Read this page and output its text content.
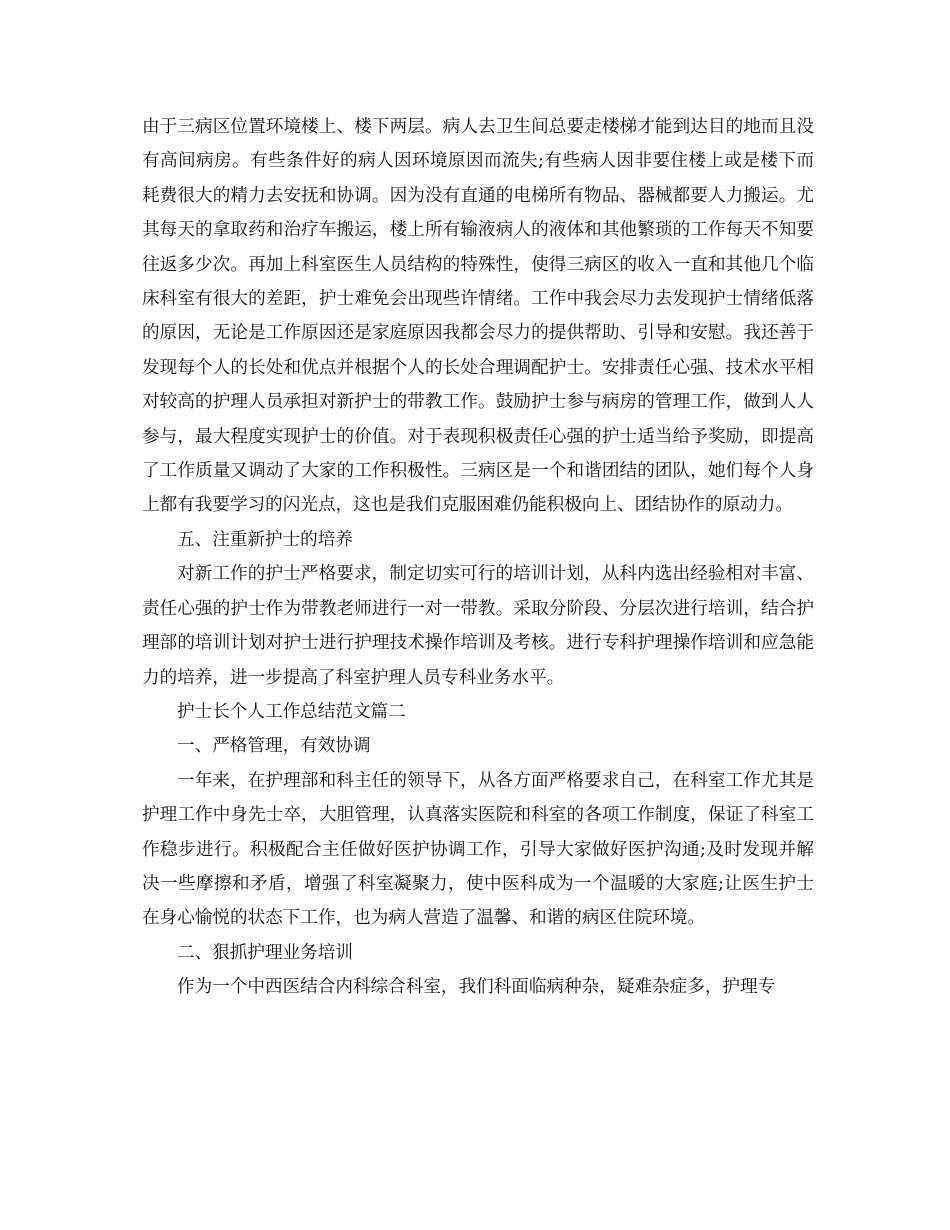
由于三病区位置环境楼上、楼下两层。病人去卫生间总要走楼梯才能到达目的地而且没有高间病房。有些条件好的病人因环境原因而流失;有些病人因非要住楼上或是楼下而耗费很大的精力去安抚和协调。因为没有直通的电梯所有物品、器械都要人力搬运。尤其每天的拿取药和治疗车搬运，楼上所有输液病人的液体和其他繁琐的工作每天不知要往返多少次。再加上科室医生人员结构的特殊性，使得三病区的收入一直和其他几个临床科室有很大的差距，护士难免会出现些许情绪。工作中我会尽力去发现护士情绪低落的原因，无论是工作原因还是家庭原因我都会尽力的提供帮助、引导和安慰。我还善于发现每个人的长处和优点并根据个人的长处合理调配护士。安排责任心强、技术水平相对较高的护理人员承担对新护士的带教工作。鼓励护士参与病房的管理工作，做到人人参与，最大程度实现护士的价值。对于表现积极责任心强的护士适当给予奖励，即提高了工作质量又调动了大家的工作积极性。三病区是一个和谐团结的团队，她们每个人身上都有我要学习的闪光点，这也是我们克服困难仍能积极向上、团结协作的原动力。

五、注重新护士的培养

对新工作的护士严格要求，制定切实可行的培训计划，从科内选出经验相对丰富、责任心强的护士作为带教老师进行一对一带教。采取分阶段、分层次进行培训，结合护理部的培训计划对护士进行护理技术操作培训及考核。进行专科护理操作培训和应急能力的培养，进一步提高了科室护理人员专科业务水平。

护士长个人工作总结范文篇二

一、严格管理，有效协调

一年来，在护理部和科主任的领导下，从各方面严格要求自己，在科室工作尤其是护理工作中身先士卒，大胆管理，认真落实医院和科室的各项工作制度，保证了科室工作稳步进行。积极配合主任做好医护协调工作，引导大家做好医护沟通;及时发现并解决一些摩擦和矛盾，增强了科室凝聚力，使中医科成为一个温暖的大家庭;让医生护士在身心愉悦的状态下工作，也为病人营造了温馨、和谐的病区住院环境。

二、狠抓护理业务培训

作为一个中西医结合内科综合科室，我们科面临病种杂，疑难杂症多，护理专
